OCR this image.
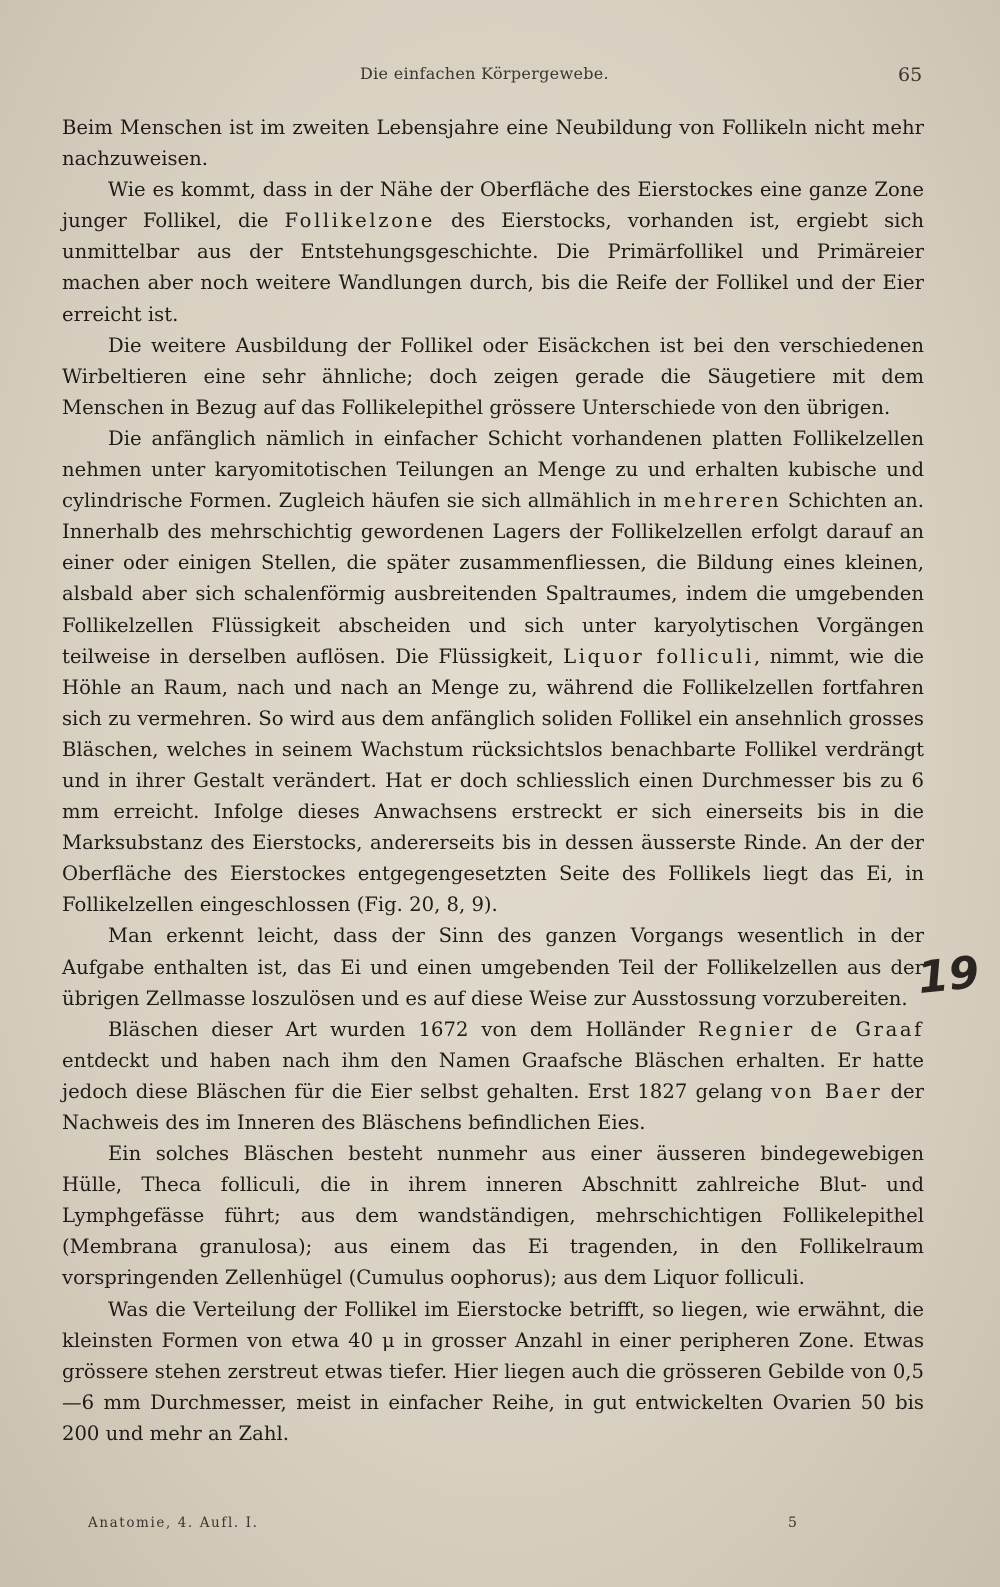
Die einfachen Körpergewebe.	65

Beim Menschen ist im zweiten Lebensjahre eine Neubildung von Follikeln nicht mehr nachzuweisen.

Wie es kommt, dass in der Nähe der Oberfläche des Eierstockes eine ganze Zone junger Follikel, die Follikelzone des Eierstocks, vorhanden ist, ergiebt sich unmittelbar aus der Entstehungsgeschichte. Die Primärfollikel und Primäreier machen aber noch weitere Wandlungen durch, bis die Reife der Follikel und der Eier erreicht ist.

Die weitere Ausbildung der Follikel oder Eisäckchen ist bei den verschiedenen Wirbeltieren eine sehr ähnliche; doch zeigen gerade die Säugetiere mit dem Menschen in Bezug auf das Follikelepithel grössere Unterschiede von den übrigen.

Die anfänglich nämlich in einfacher Schicht vorhandenen platten Follikelzellen nehmen unter karyomitotischen Teilungen an Menge zu und erhalten kubische und cylindrische Formen. Zugleich häufen sie sich allmählich in mehreren Schichten an. Innerhalb des mehrschichtig gewordenen Lagers der Follikelzellen erfolgt darauf an einer oder einigen Stellen, die später zusammenfliessen, die Bildung eines kleinen, alsbald aber sich schalenförmig ausbreitenden Spaltraumes, indem die umgebenden Follikelzellen Flüssigkeit abscheiden und sich unter karyolytischen Vorgängen teilweise in derselben auflösen. Die Flüssigkeit, Liquor folliculi, nimmt, wie die Höhle an Raum, nach und nach an Menge zu, während die Follikelzellen fortfahren sich zu vermehren. So wird aus dem anfänglich soliden Follikel ein ansehnlich grosses Bläschen, welches in seinem Wachstum rücksichtslos benachbarte Follikel verdrängt und in ihrer Gestalt verändert. Hat er doch schliesslich einen Durchmesser bis zu 6 mm erreicht. Infolge dieses Anwachsens erstreckt er sich einerseits bis in die Marksubstanz des Eierstocks, andererseits bis in dessen äusserste Rinde. An der der Oberfläche des Eierstockes entgegengesetzten Seite des Follikels liegt das Ei, in Follikelzellen eingeschlossen (Fig. 20, 8, 9).

Man erkennt leicht, dass der Sinn des ganzen Vorgangs wesentlich in der Aufgabe enthalten ist, das Ei und einen umgebenden Teil der Follikelzellen aus der übrigen Zellmasse loszulösen und es auf diese Weise zur Ausstossung vorzubereiten.

Bläschen dieser Art wurden 1672 von dem Holländer Regnier de Graaf entdeckt und haben nach ihm den Namen Graafsche Bläschen erhalten. Er hatte jedoch diese Bläschen für die Eier selbst gehalten. Erst 1827 gelang von Baer der Nachweis des im Inneren des Bläschens befindlichen Eies.

Ein solches Bläschen besteht nunmehr aus einer äusseren bindegewebigen Hülle, Theca folliculi, die in ihrem inneren Abschnitt zahlreiche Blut- und Lymphgefässe führt; aus dem wandständigen, mehrschichtigen Follikelepithel (Membrana granulosa); aus einem das Ei tragenden, in den Follikelraum vorspringenden Zellenhügel (Cumulus oophorus); aus dem Liquor folliculi.

Was die Verteilung der Follikel im Eierstocke betrifft, so liegen, wie erwähnt, die kleinsten Formen von etwa 40 μ in grosser Anzahl in einer peripheren Zone. Etwas grössere stehen zerstreut etwas tiefer. Hier liegen auch die grösseren Gebilde von 0,5—6 mm Durchmesser, meist in einfacher Reihe, in gut entwickelten Ovarien 50 bis 200 und mehr an Zahl.

19
Anatomie, 4. Aufl. I.	5
